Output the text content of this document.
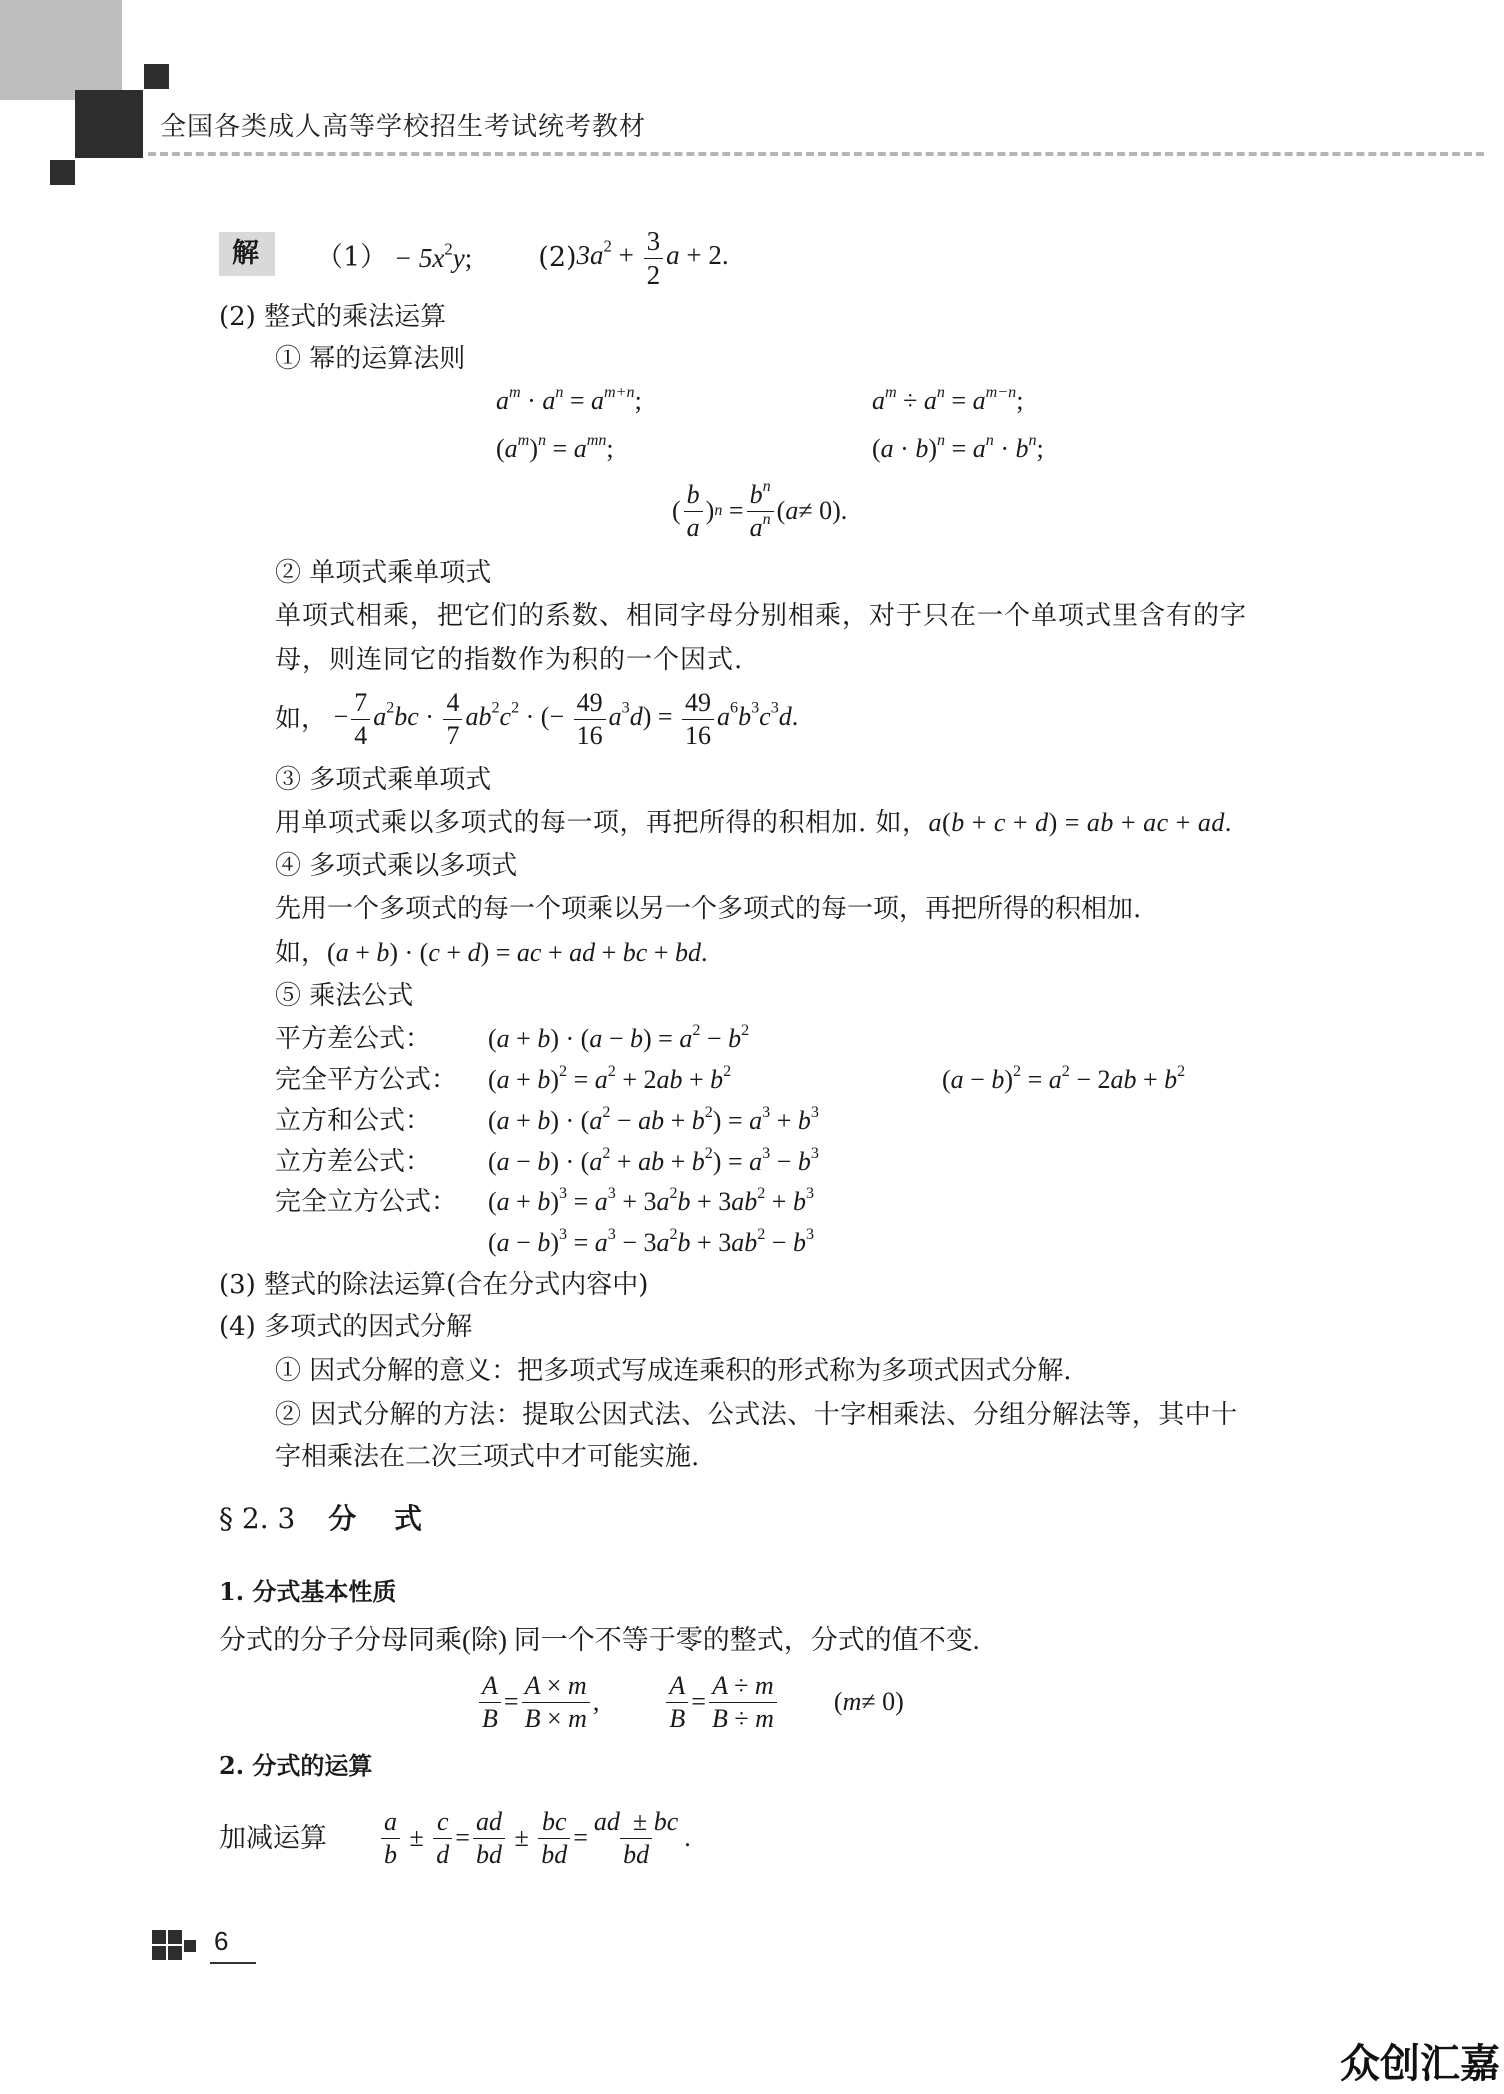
全国各类成人高等学校招生考试统考教材
解 $(1) - 5x^2y$; (2) $3a^2 + \frac{3}{2}$ a + 2.
(2) 整式的乘法运算
① 幂的运算法则
$a^m \cdot a^n = a^{m+n}$;	$a^m \div a^n = a^{m-n}$;
$(a^m)^n = a^{mn}$;	$(a \cdot b)^n = a^n \cdot b^n$;
( $\frac{b}{a}$ ) n
= $\frac{b^n}{a^n}$ ( a ≠ 0).
② 单项式乘单项式
单项式相乘，把它们的系数、相同字母分别相乘，对于只在一个单项式里含有的字
母，则连同它的指数作为积的一个因式.
如， − $\frac{7}{4} a^2bc \cdot \frac{4}{7} ab^2c^2$ · (− $\frac{49}{16} a^3d) = \frac{49}{16} a^6b^3c^3d$.
③ 多项式乘单项式
用单项式乘以多项式的每一项，再把所得的积相加. 如，a(b + c + d) = ab + ac + ad.
④ 多项式乘以多项式
先用一个多项式的每一个项乘以另一个多项式的每一项，再把所得的积相加.
如，(a + b) · (c + d) = ac + ad + bc + bd.
⑤ 乘法公式
平方差公式： $(a + b) \cdot (a - b) = a^2 - b^2$
完全平方公式： $(a + b)^2 = a^2 + 2ab + b^2$	$(a - b)^2 = a^2 - 2ab + b^2$
立方和公式： $(a + b) \cdot (a^2$ − ab + $b^2) = a^3 + b^3$
立方差公式： $(a - b) \cdot (a^2$ + ab + $b^2) = a^3 - b^3$
完全立方公式： $(a + b)^3 = a^3 + 3a^2b + 3ab^2 + b^3$
$(a - b)^3 = a^3 - 3a^2b + 3ab^2 - b^3$
(3) 整式的除法运算(合在分式内容中)
(4) 多项式的因式分解
① 因式分解的意义：把多项式写成连乘积的形式称为多项式因式分解.
② 因式分解的方法：提取公因式法、公式法、十字相乘法、分组分解法等，其中十
字相乘法在二次三项式中才可能实施.
§ 2. 3 分　 式
1. 分式基本性质
分式的分子分母同乘(除) 同一个不等于零的整式，分式的值不变.
$\frac{A}{B} = \frac{A \times m}{B \times m}$ ,	$\frac{A}{B} = \frac{A \div m}{B \div m}$ ( m ≠ 0)
2. 分式的运算
加减运算 $\frac{a}{b} \pm \frac{c}{d} = \frac{ad}{bd} \pm \frac{bc}{bd} = \frac{ad \pm bc}{bd}$ .
6
众创汇嘉
